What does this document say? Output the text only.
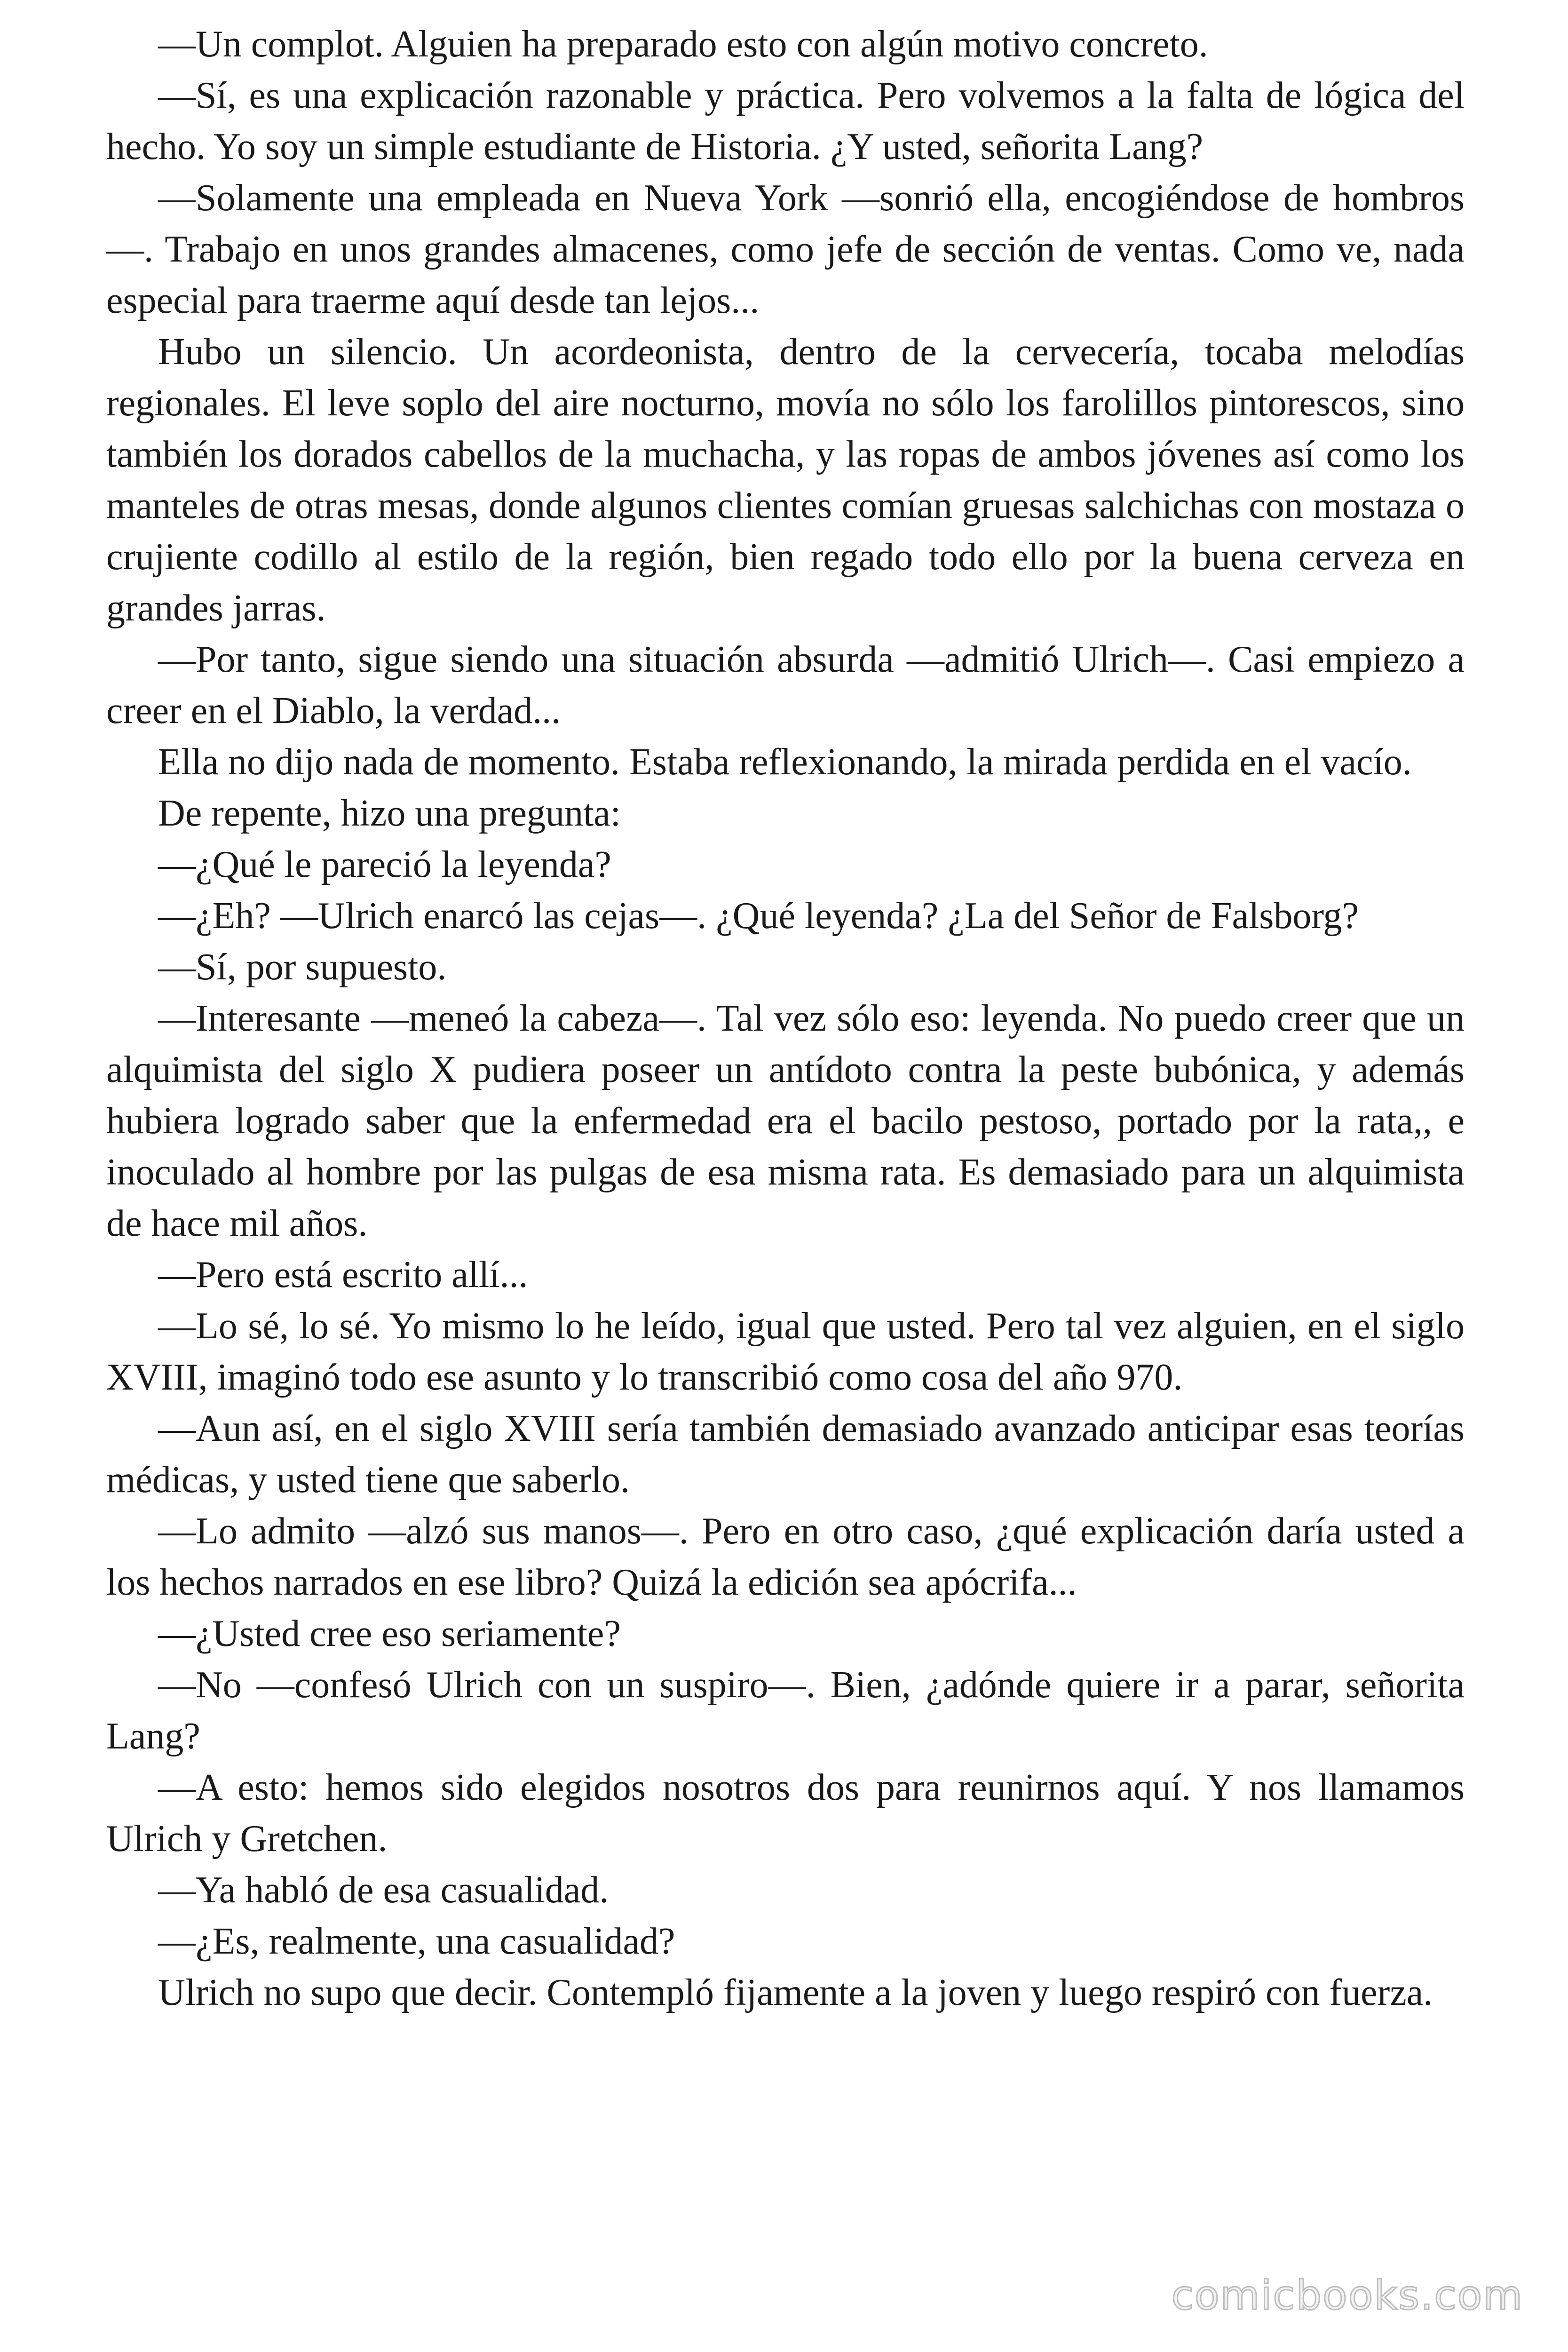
—Un complot. Alguien ha preparado esto con algún motivo concreto.

—Sí, es una explicación razonable y práctica. Pero volvemos a la falta de lógica del hecho. Yo soy un simple estudiante de Historia. ¿Y usted, señorita Lang?

—Solamente una empleada en Nueva York —sonrió ella, encogiéndose de hombros—. Trabajo en unos grandes almacenes, como jefe de sección de ventas. Como ve, nada especial para traerme aquí desde tan lejos...

Hubo un silencio. Un acordeonista, dentro de la cervecería, tocaba melodías regionales. El leve soplo del aire nocturno, movía no sólo los farolillos pintorescos, sino también los dorados cabellos de la muchacha, y las ropas de ambos jóvenes así como los manteles de otras mesas, donde algunos clientes comían gruesas salchichas con mostaza o crujiente codillo al estilo de la región, bien regado todo ello por la buena cerveza en grandes jarras.

—Por tanto, sigue siendo una situación absurda —admitió Ulrich—. Casi empiezo a creer en el Diablo, la verdad...

Ella no dijo nada de momento. Estaba reflexionando, la mirada perdida en el vacío.

De repente, hizo una pregunta:

—¿Qué le pareció la leyenda?

—¿Eh? —Ulrich enarcó las cejas—. ¿Qué leyenda? ¿La del Señor de Falsborg?

—Sí, por supuesto.

—Interesante —meneó la cabeza—. Tal vez sólo eso: leyenda. No puedo creer que un alquimista del siglo X pudiera poseer un antídoto contra la peste bubónica, y además hubiera logrado saber que la enfermedad era el bacilo pestoso, portado por la rata,, e inoculado al hombre por las pulgas de esa misma rata. Es demasiado para un alquimista de hace mil años.

—Pero está escrito allí...

—Lo sé, lo sé. Yo mismo lo he leído, igual que usted. Pero tal vez alguien, en el siglo XVIII, imaginó todo ese asunto y lo transcribió como cosa del año 970.

—Aun así, en el siglo XVIII sería también demasiado avanzado anticipar esas teorías médicas, y usted tiene que saberlo.

—Lo admito —alzó sus manos—. Pero en otro caso, ¿qué explicación daría usted a los hechos narrados en ese libro? Quizá la edición sea apócrifa...

—¿Usted cree eso seriamente?

—No —confesó Ulrich con un suspiro—. Bien, ¿adónde quiere ir a parar, señorita Lang?

—A esto: hemos sido elegidos nosotros dos para reunirnos aquí. Y nos llamamos Ulrich y Gretchen.

—Ya habló de esa casualidad.

—¿Es, realmente, una casualidad?

Ulrich no supo que decir. Contempló fijamente a la joven y luego respiró con fuerza.

comicbooks.com
